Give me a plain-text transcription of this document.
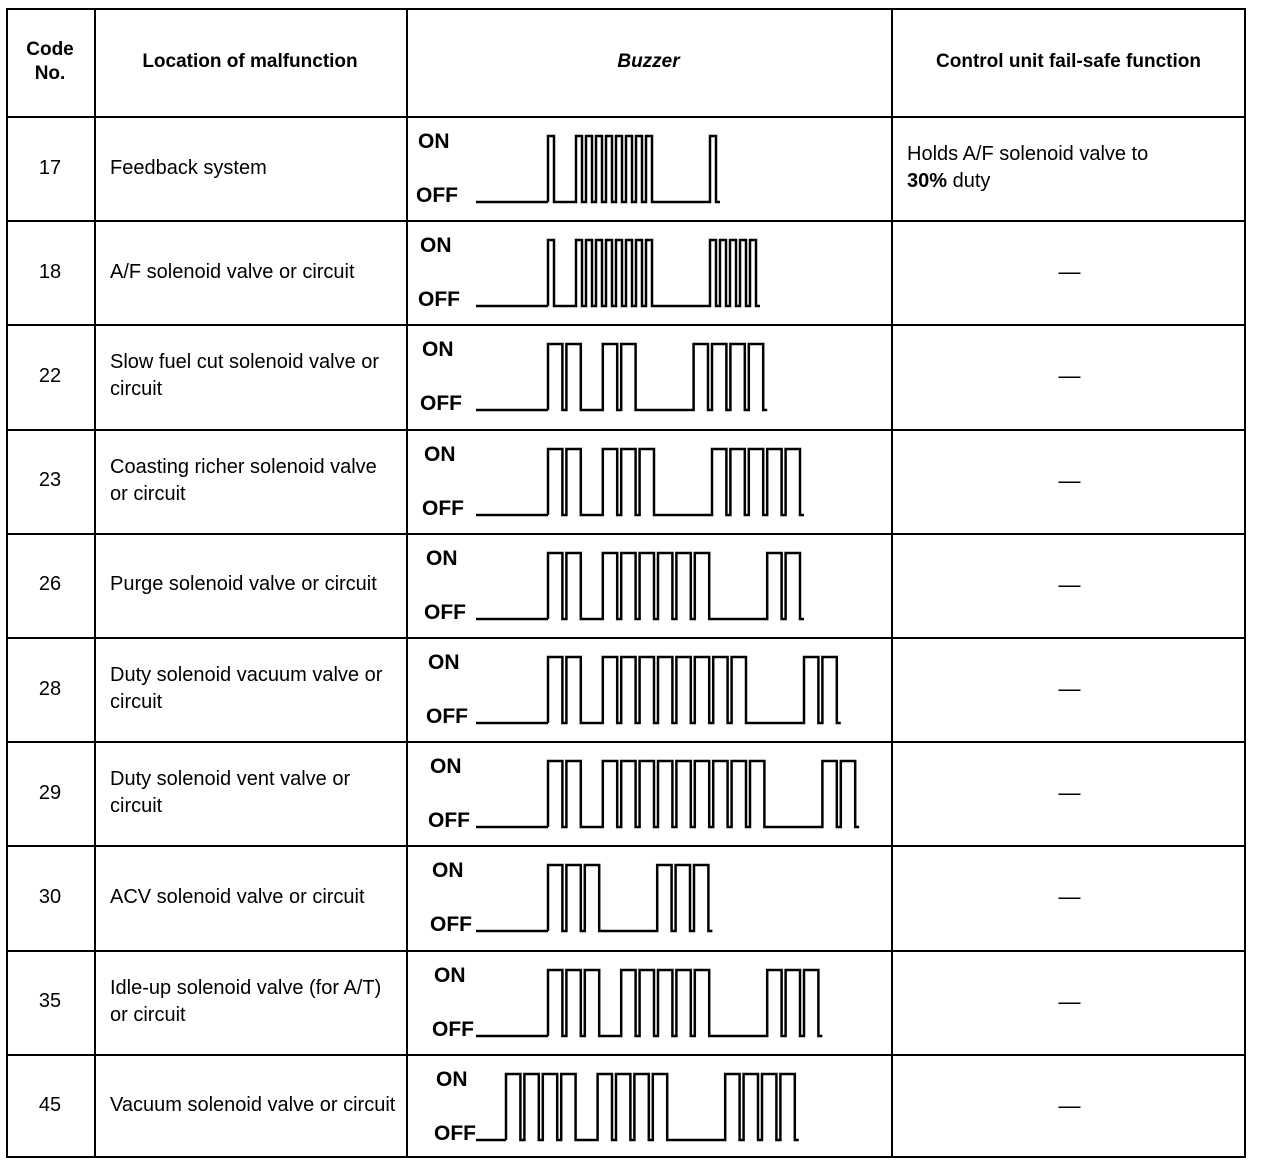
Code No.
Location of malfunction	Buzzer	Control unit fail-safe function
17 Feedback system
ON
OFF
Holds A/F solenoid valve to
30% duty
18 A/F solenoid valve or circuit
ON
OFF
—
22
Slow fuel cut solenoid valve or circuit
ON
OFF
—
23
Coasting richer solenoid valve or circuit
ON
OFF
—
26 Purge solenoid valve or circuit
ON
OFF
—
28
Duty solenoid vacuum valve or circuit
ON
OFF
—
29
Duty solenoid vent valve or circuit
ON
OFF
—
30 ACV solenoid valve or circuit
ON
OFF
—
35
Idle-up solenoid valve (for A/T) or circuit
ON
OFF
—
45 Vacuum solenoid valve or circuit
ON
OFF
—
